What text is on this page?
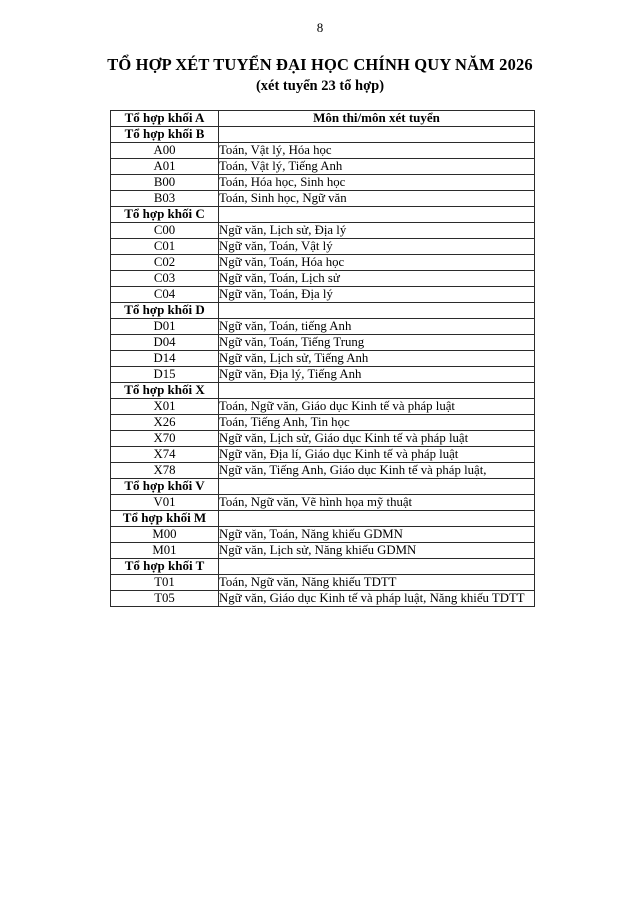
8
TỔ HỢP XÉT TUYỂN ĐẠI HỌC CHÍNH QUY NĂM 2026
(xét tuyển 23 tổ hợp)
Tổ hợp khối A	Môn thi/môn xét tuyển
Tổ hợp khối B	
A00	Toán, Vật lý, Hóa học
A01	Toán, Vật lý, Tiếng Anh
B00	Toán, Hóa học, Sinh học
B03	Toán, Sinh học, Ngữ văn
Tổ hợp khối C	
C00	Ngữ văn, Lịch sử, Địa lý
C01	Ngữ văn, Toán, Vật lý
C02	Ngữ văn, Toán, Hóa học
C03	Ngữ văn, Toán, Lịch sử
C04	Ngữ văn, Toán, Địa lý
Tổ hợp khối D	
D01	Ngữ văn, Toán, tiếng Anh
D04	Ngữ văn, Toán, Tiếng Trung
D14	Ngữ văn, Lịch sử, Tiếng Anh
D15	Ngữ văn, Địa lý, Tiếng Anh
Tổ hợp khối X	
X01	Toán, Ngữ văn, Giáo dục Kinh tế và pháp luật
X26	Toán, Tiếng Anh, Tin học
X70	Ngữ văn, Lịch sử, Giáo dục Kinh tế và pháp luật
X74	Ngữ văn, Địa lí, Giáo dục Kinh tế và pháp luật
X78	Ngữ văn, Tiếng Anh, Giáo dục Kinh tế và pháp luật,
Tổ hợp khối V	
V01	Toán, Ngữ văn, Vẽ hình họa mỹ thuật
Tổ hợp khối M	
M00	Ngữ văn, Toán, Năng khiếu GDMN
M01	Ngữ văn, Lịch sử, Năng khiếu GDMN
Tổ hợp khối T	
T01	Toán, Ngữ văn, Năng khiếu TDTT
T05	Ngữ văn, Giáo dục Kinh tế và pháp luật, Năng khiếu TDTT
